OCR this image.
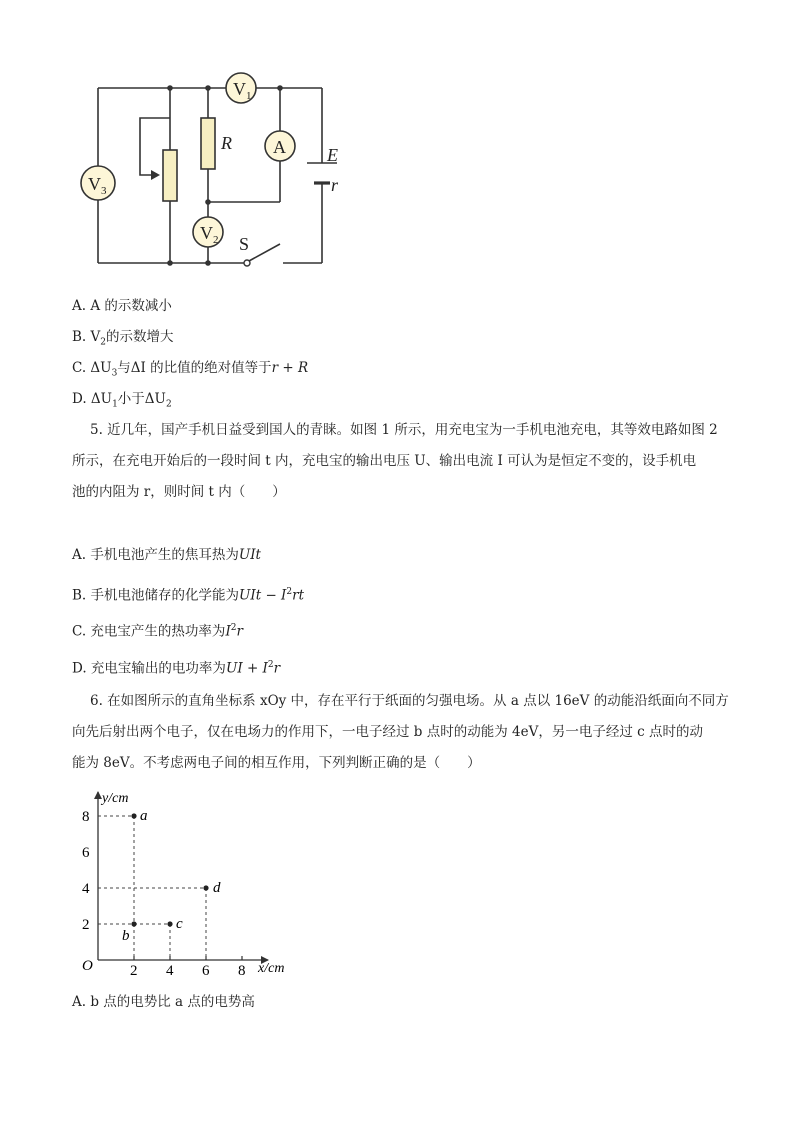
$V_1$
$V_2$
$V_3$
A
R
E
r
S
A. A 的示数减小
B. $V_2$的示数增大
C. $\Delta U_3$与ΔI 的比值的绝对值等于r + R
D. $\Delta U_1$小于$\Delta U_2$
5. 近几年，国产手机日益受到国人的青睐。如图 1 所示，用充电宝为一手机电池充电，其等效电路如图 2
所示，在充电开始后的一段时间 t 内，充电宝的输出电压 U、输出电流 I 可认为是恒定不变的，设手机电
池的内阻为 r，则时间 t 内（　　）
A. 手机电池产生的焦耳热为UIt
B. 手机电池储存的化学能为UIt − $I^2rt$
C. 充电宝产生的热功率为$I^2r$
D. 充电宝输出的电功率为UI + $I^2r$
6. 在如图所示的直角坐标系 xOy 中，存在平行于纸面的匀强电场。从 a 点以 16eV 的动能沿纸面向不同方
向先后射出两个电子，仅在电场力的作用下，一电子经过 b 点时的动能为 4eV，另一电子经过 c 点时的动
能为 8eV。不考虑两电子间的相互作用，下列判断正确的是（　　）
O	x/cm
y/cm
2 4 6 8
2
4
6
8	a
b
c
d
A. b 点的电势比 a 点的电势高
